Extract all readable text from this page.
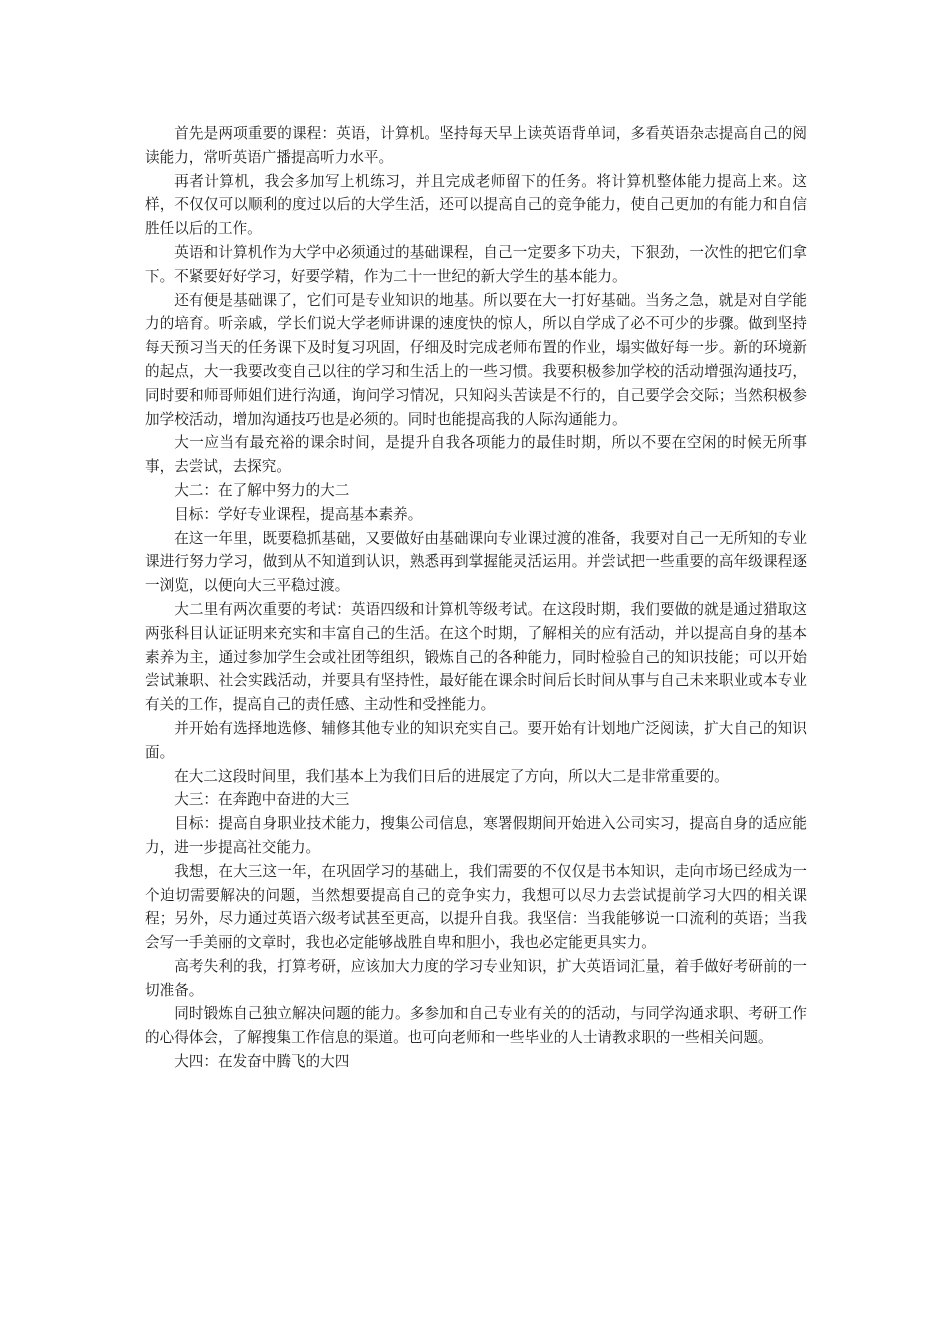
首先是两项重要的课程：英语，计算机。坚持每天早上读英语背单词，多看英语杂志提高自己的阅读能力，常听英语广播提高听力水平。

再者计算机，我会多加写上机练习，并且完成老师留下的任务。将计算机整体能力提高上来。这样，不仅仅可以顺利的度过以后的大学生活，还可以提高自己的竞争能力，使自己更加的有能力和自信胜任以后的工作。

英语和计算机作为大学中必须通过的基础课程，自己一定要多下功夫，下狠劲，一次性的把它们拿下。不紧要好好学习，好要学精，作为二十一世纪的新大学生的基本能力。

还有便是基础课了，它们可是专业知识的地基。所以要在大一打好基础。当务之急，就是对自学能力的培育。听亲戚，学长们说大学老师讲课的速度快的惊人，所以自学成了必不可少的步骤。做到坚持每天预习当天的任务课下及时复习巩固，仔细及时完成老师布置的作业，塌实做好每一步。新的环境新的起点，大一我要改变自己以往的学习和生活上的一些习惯。我要积极参加学校的活动增强沟通技巧，同时要和师哥师姐们进行沟通，询问学习情况，只知闷头苦读是不行的，自己要学会交际；当然积极参加学校活动，增加沟通技巧也是必须的。同时也能提高我的人际沟通能力。

大一应当有最充裕的课余时间，是提升自我各项能力的最佳时期，所以不要在空闲的时候无所事事，去尝试，去探究。

大二：在了解中努力的大二

目标：学好专业课程，提高基本素养。

在这一年里，既要稳抓基础，又要做好由基础课向专业课过渡的准备，我要对自己一无所知的专业课进行努力学习，做到从不知道到认识，熟悉再到掌握能灵活运用。并尝试把一些重要的高年级课程逐一浏览，以便向大三平稳过渡。

大二里有两次重要的考试：英语四级和计算机等级考试。在这段时期，我们要做的就是通过猎取这两张科目认证证明来充实和丰富自己的生活。在这个时期，了解相关的应有活动，并以提高自身的基本素养为主，通过参加学生会或社团等组织，锻炼自己的各种能力，同时检验自己的知识技能；可以开始尝试兼职、社会实践活动，并要具有坚持性，最好能在课余时间后长时间从事与自己未来职业或本专业有关的工作，提高自己的责任感、主动性和受挫能力。

并开始有选择地选修、辅修其他专业的知识充实自己。要开始有计划地广泛阅读，扩大自己的知识面。

在大二这段时间里，我们基本上为我们日后的进展定了方向，所以大二是非常重要的。

大三：在奔跑中奋进的大三

目标：提高自身职业技术能力，搜集公司信息，寒署假期间开始进入公司实习，提高自身的适应能力，进一步提高社交能力。

我想，在大三这一年，在巩固学习的基础上，我们需要的不仅仅是书本知识，走向市场已经成为一个迫切需要解决的问题，当然想要提高自己的竞争实力，我想可以尽力去尝试提前学习大四的相关课程；另外，尽力通过英语六级考试甚至更高，以提升自我。我坚信：当我能够说一口流利的英语；当我会写一手美丽的文章时，我也必定能够战胜自卑和胆小，我也必定能更具实力。

高考失利的我，打算考研，应该加大力度的学习专业知识，扩大英语词汇量，着手做好考研前的一切准备。

同时锻炼自己独立解决问题的能力。多参加和自己专业有关的的活动，与同学沟通求职、考研工作的心得体会，了解搜集工作信息的渠道。也可向老师和一些毕业的人士请教求职的一些相关问题。

大四：在发奋中腾飞的大四
